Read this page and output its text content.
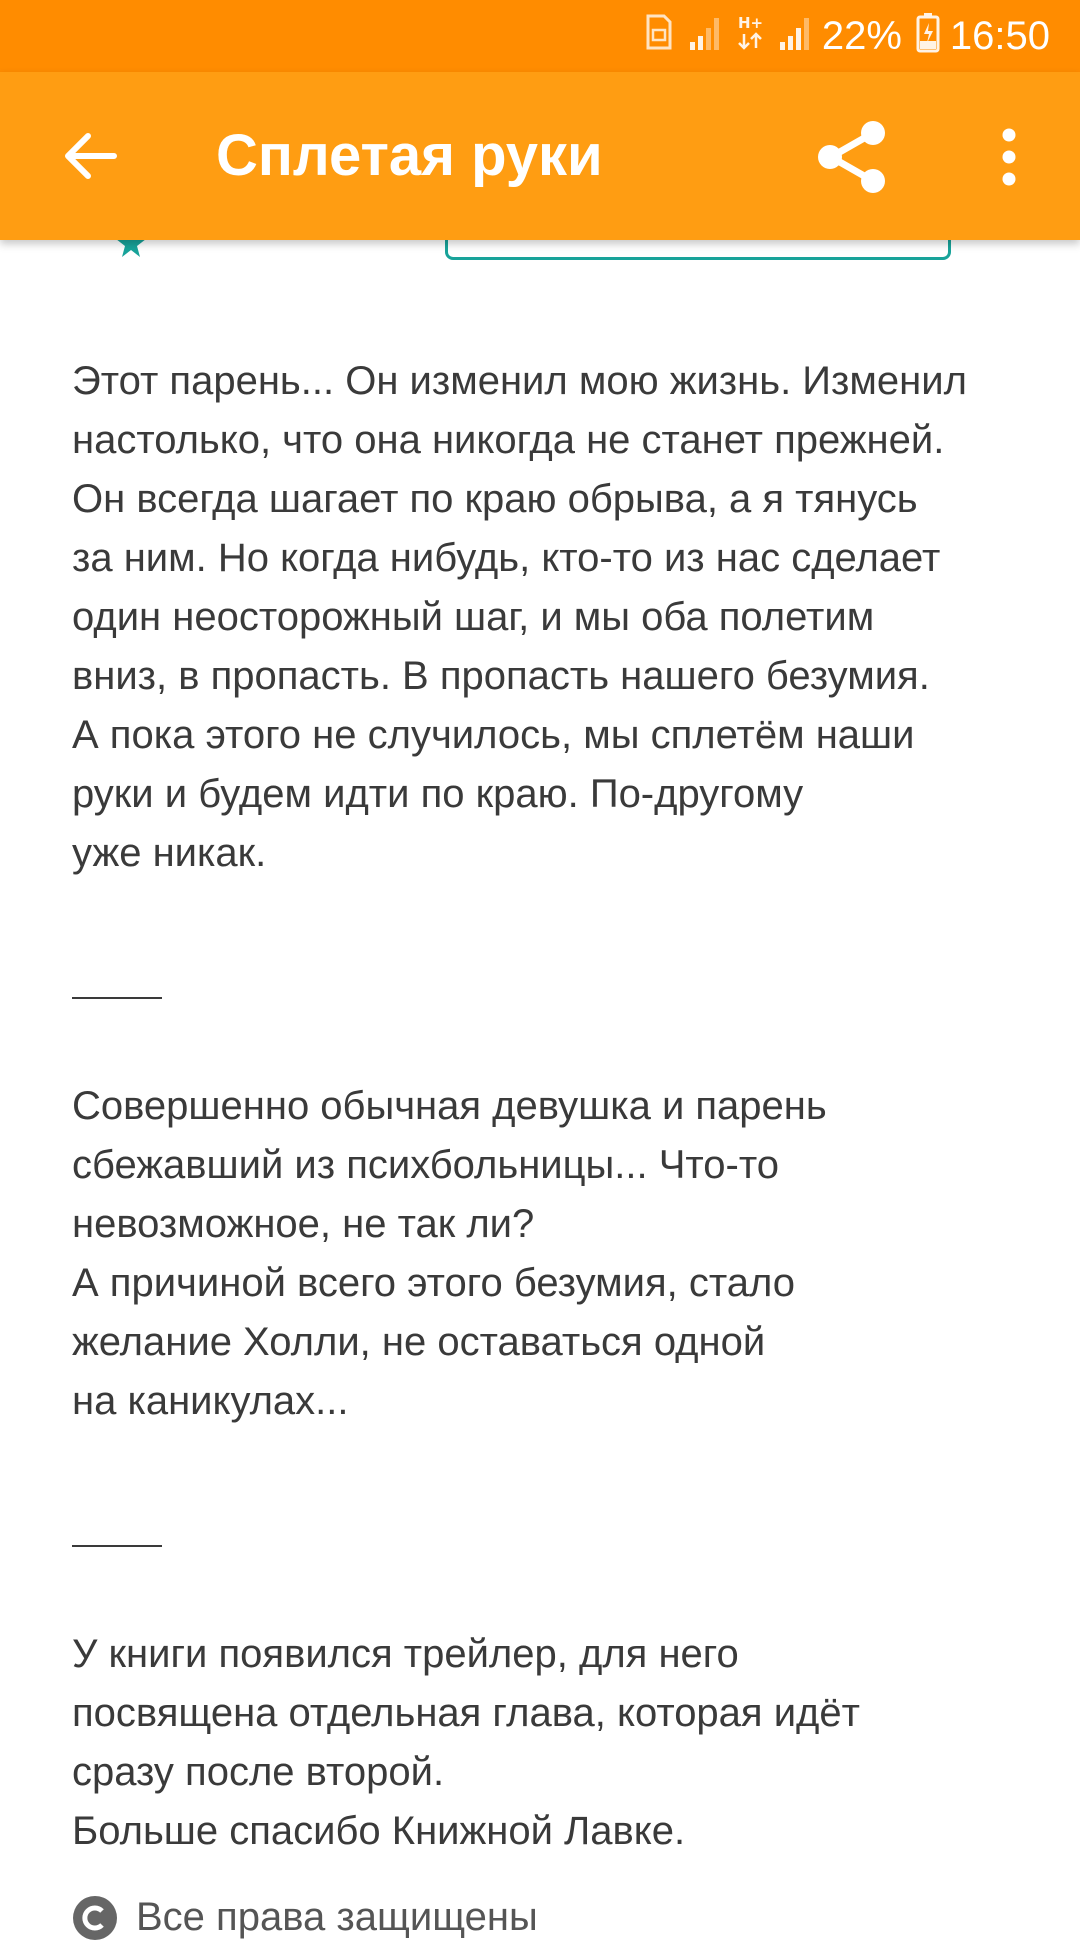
H+ 22% 16:50
Сплетая руки

Этот парень... Он изменил мою жизнь. Изменил
настолько, что она никогда не станет прежней.
Он всегда шагает по краю обрыва, а я тянусь
за ним. Но когда нибудь, кто-то из нас сделает
один неосторожный шаг, и мы оба полетим
вниз, в пропасть. В пропасть нашего безумия.
А пока этого не случилось, мы сплетём наши
руки и будем идти по краю. По-другому
уже никак.

Совершенно обычная девушка и парень
сбежавший из психбольницы... Что-то
невозможное, не так ли?
А причиной всего этого безумия, стало
желание Холли, не оставаться одной
на каникулах...

У книги появился трейлер, для него
посвящена отдельная глава, которая идёт
сразу после второй.
Больше спасибо Книжной Лавке.

Все права защищены
